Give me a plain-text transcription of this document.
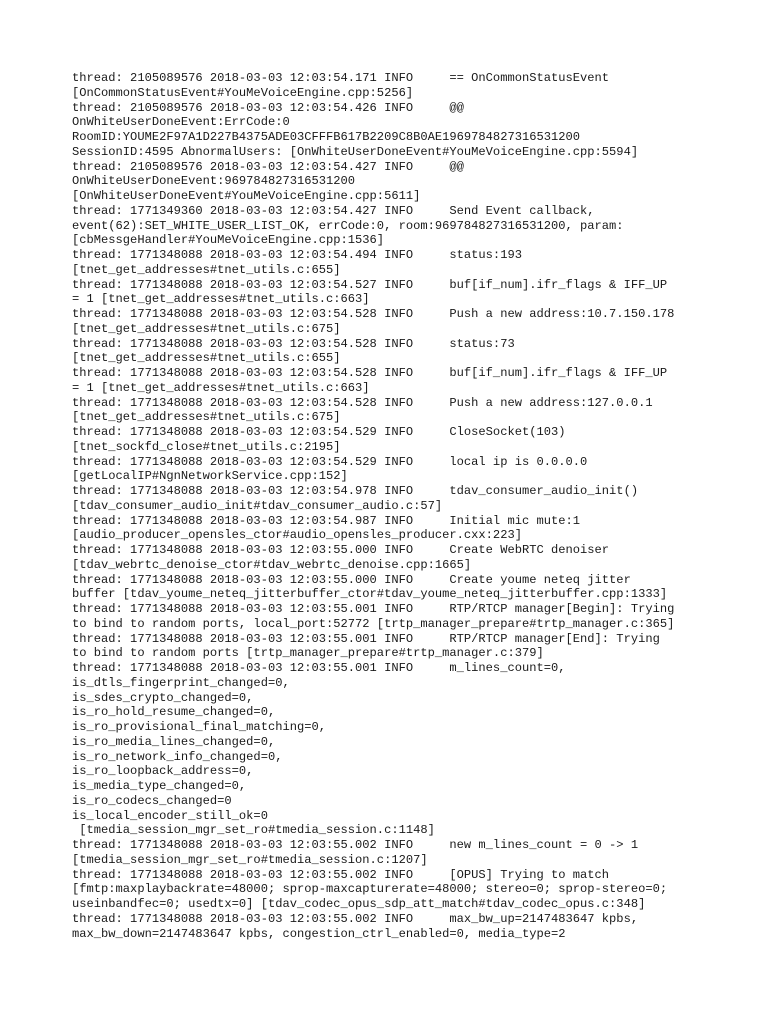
thread: 2105089576 2018-03-03 12:03:54.171 INFO     == OnCommonStatusEvent
[OnCommonStatusEvent#YouMeVoiceEngine.cpp:5256]
thread: 2105089576 2018-03-03 12:03:54.426 INFO     @@
OnWhiteUserDoneEvent:ErrCode:0
RoomID:YOUME2F97A1D227B4375ADE03CFFFB617B2209C8B0AE1969784827316531200
SessionID:4595 AbnormalUsers: [OnWhiteUserDoneEvent#YouMeVoiceEngine.cpp:5594]
thread: 2105089576 2018-03-03 12:03:54.427 INFO     @@
OnWhiteUserDoneEvent:969784827316531200
[OnWhiteUserDoneEvent#YouMeVoiceEngine.cpp:5611]
thread: 1771349360 2018-03-03 12:03:54.427 INFO     Send Event callback,
event(62):SET_WHITE_USER_LIST_OK, errCode:0, room:969784827316531200, param:
[cbMessgeHandler#YouMeVoiceEngine.cpp:1536]
thread: 1771348088 2018-03-03 12:03:54.494 INFO     status:193
[tnet_get_addresses#tnet_utils.c:655]
thread: 1771348088 2018-03-03 12:03:54.527 INFO     buf[if_num].ifr_flags & IFF_UP
= 1 [tnet_get_addresses#tnet_utils.c:663]
thread: 1771348088 2018-03-03 12:03:54.528 INFO     Push a new address:10.7.150.178
[tnet_get_addresses#tnet_utils.c:675]
thread: 1771348088 2018-03-03 12:03:54.528 INFO     status:73
[tnet_get_addresses#tnet_utils.c:655]
thread: 1771348088 2018-03-03 12:03:54.528 INFO     buf[if_num].ifr_flags & IFF_UP
= 1 [tnet_get_addresses#tnet_utils.c:663]
thread: 1771348088 2018-03-03 12:03:54.528 INFO     Push a new address:127.0.0.1
[tnet_get_addresses#tnet_utils.c:675]
thread: 1771348088 2018-03-03 12:03:54.529 INFO     CloseSocket(103)
[tnet_sockfd_close#tnet_utils.c:2195]
thread: 1771348088 2018-03-03 12:03:54.529 INFO     local ip is 0.0.0.0
[getLocalIP#NgnNetworkService.cpp:152]
thread: 1771348088 2018-03-03 12:03:54.978 INFO     tdav_consumer_audio_init()
[tdav_consumer_audio_init#tdav_consumer_audio.c:57]
thread: 1771348088 2018-03-03 12:03:54.987 INFO     Initial mic mute:1
[audio_producer_opensles_ctor#audio_opensles_producer.cxx:223]
thread: 1771348088 2018-03-03 12:03:55.000 INFO     Create WebRTC denoiser
[tdav_webrtc_denoise_ctor#tdav_webrtc_denoise.cpp:1665]
thread: 1771348088 2018-03-03 12:03:55.000 INFO     Create youme neteq jitter
buffer [tdav_youme_neteq_jitterbuffer_ctor#tdav_youme_neteq_jitterbuffer.cpp:1333]
thread: 1771348088 2018-03-03 12:03:55.001 INFO     RTP/RTCP manager[Begin]: Trying
to bind to random ports, local_port:52772 [trtp_manager_prepare#trtp_manager.c:365]
thread: 1771348088 2018-03-03 12:03:55.001 INFO     RTP/RTCP manager[End]: Trying
to bind to random ports [trtp_manager_prepare#trtp_manager.c:379]
thread: 1771348088 2018-03-03 12:03:55.001 INFO     m_lines_count=0,
is_dtls_fingerprint_changed=0,
is_sdes_crypto_changed=0,
is_ro_hold_resume_changed=0,
is_ro_provisional_final_matching=0,
is_ro_media_lines_changed=0,
is_ro_network_info_changed=0,
is_ro_loopback_address=0,
is_media_type_changed=0,
is_ro_codecs_changed=0
is_local_encoder_still_ok=0
[tmedia_session_mgr_set_ro#tmedia_session.c:1148]
thread: 1771348088 2018-03-03 12:03:55.002 INFO     new m_lines_count = 0 -> 1
[tmedia_session_mgr_set_ro#tmedia_session.c:1207]
thread: 1771348088 2018-03-03 12:03:55.002 INFO     [OPUS] Trying to match
[fmtp:maxplaybackrate=48000; sprop-maxcapturerate=48000; stereo=0; sprop-stereo=0;
useinbandfec=0; usedtx=0] [tdav_codec_opus_sdp_att_match#tdav_codec_opus.c:348]
thread: 1771348088 2018-03-03 12:03:55.002 INFO     max_bw_up=2147483647 kpbs,
max_bw_down=2147483647 kpbs, congestion_ctrl_enabled=0, media_type=2
